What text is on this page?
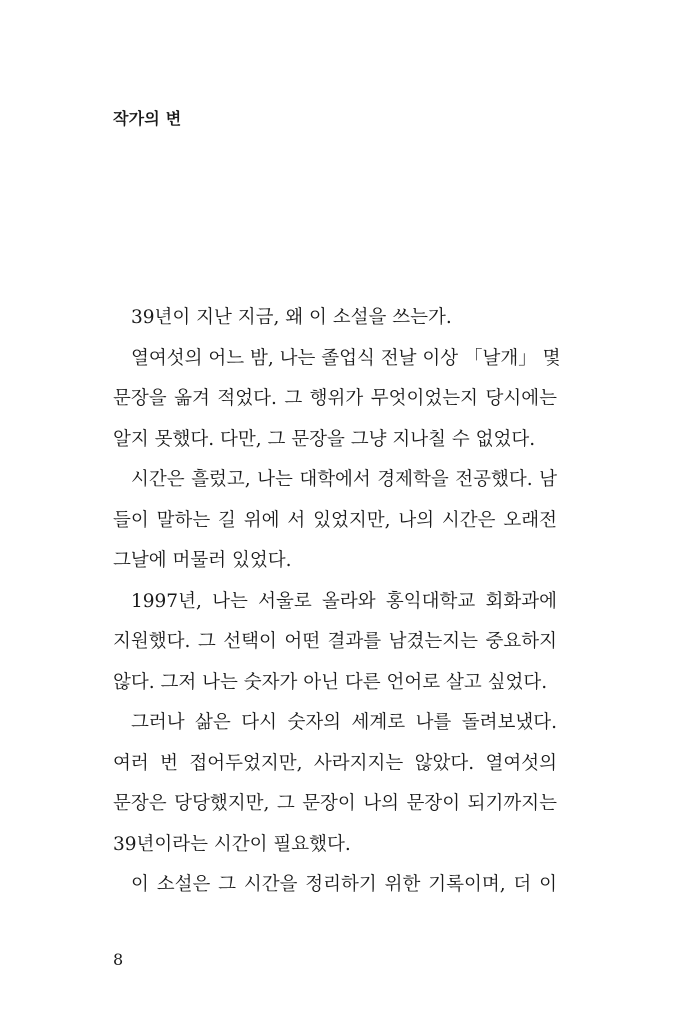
작가의 변
39년이 지난 지금, 왜 이 소설을 쓰는가.
열여섯의 어느 밤, 나는 졸업식 전날 이상 「날개」 몇
문장을 옮겨 적었다. 그 행위가 무엇이었는지 당시에는
알지 못했다. 다만, 그 문장을 그냥 지나칠 수 없었다.
시간은 흘렀고, 나는 대학에서 경제학을 전공했다. 남
들이 말하는 길 위에 서 있었지만, 나의 시간은 오래전
그날에 머물러 있었다.
1997년, 나는 서울로 올라와 홍익대학교 회화과에
지원했다. 그 선택이 어떤 결과를 남겼는지는 중요하지
않다. 그저 나는 숫자가 아닌 다른 언어로 살고 싶었다.
그러나 삶은 다시 숫자의 세계로 나를 돌려보냈다.
여러 번 접어두었지만, 사라지지는 않았다. 열여섯의
문장은 당당했지만, 그 문장이 나의 문장이 되기까지는
39년이라는 시간이 필요했다.
이 소설은 그 시간을 정리하기 위한 기록이며, 더 이
8
